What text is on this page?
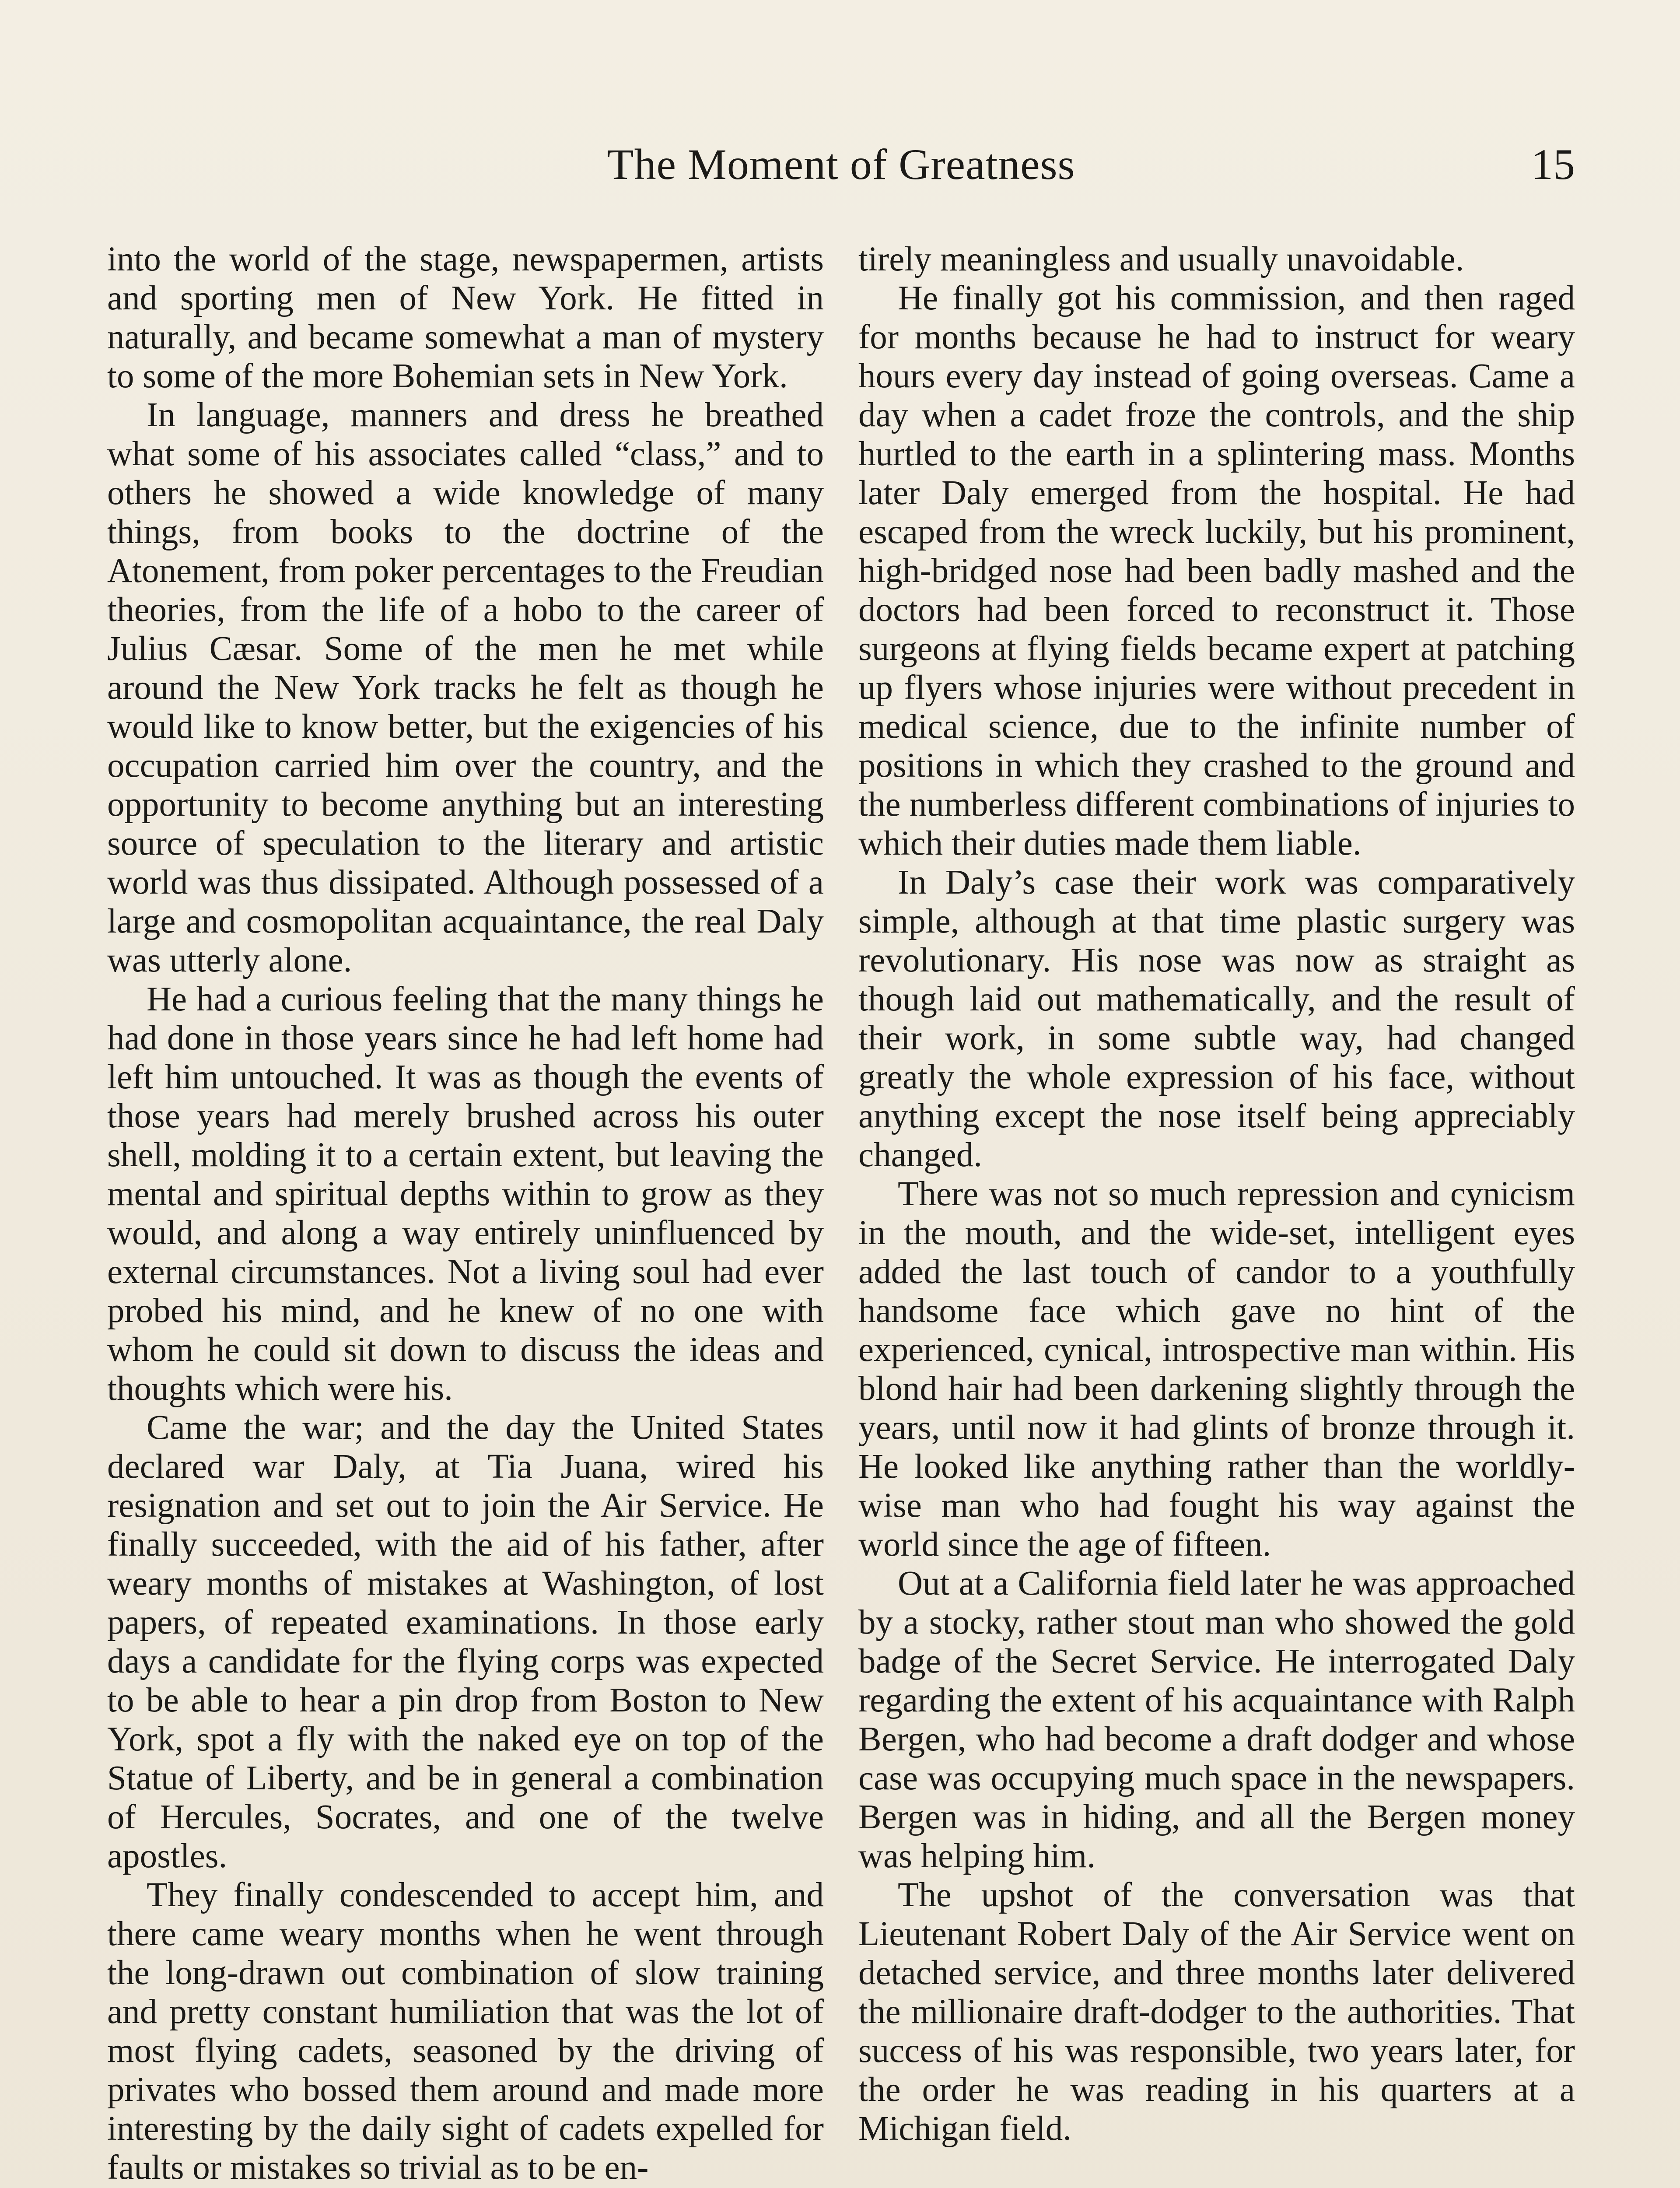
The Moment of Greatness	15

into the world of the stage, newspapermen, artists and sporting men of New York. He fitted in naturally, and became somewhat a man of mystery to some of the more Bohemian sets in New York.

In language, manners and dress he breathed what some of his associates called “class,” and to others he showed a wide knowledge of many things, from books to the doctrine of the Atonement, from poker percentages to the Freudian theories, from the life of a hobo to the career of Julius Cæsar. Some of the men he met while around the New York tracks he felt as though he would like to know better, but the exigencies of his occupation carried him over the country, and the opportunity to become anything but an interesting source of speculation to the literary and artistic world was thus dissipated. Although possessed of a large and cosmopolitan acquaintance, the real Daly was utterly alone.

He had a curious feeling that the many things he had done in those years since he had left home had left him untouched. It was as though the events of those years had merely brushed across his outer shell, molding it to a certain extent, but leaving the mental and spiritual depths within to grow as they would, and along a way entirely uninfluenced by external circumstances. Not a living soul had ever probed his mind, and he knew of no one with whom he could sit down to discuss the ideas and thoughts which were his.

Came the war; and the day the United States declared war Daly, at Tia Juana, wired his resignation and set out to join the Air Service. He finally succeeded, with the aid of his father, after weary months of mistakes at Washington, of lost papers, of repeated examinations. In those early days a candidate for the flying corps was expected to be able to hear a pin drop from Boston to New York, spot a fly with the naked eye on top of the Statue of Liberty, and be in general a combination of Hercules, Socrates, and one of the twelve apostles.

They finally condescended to accept him, and there came weary months when he went through the long-drawn out combination of slow training and pretty constant humiliation that was the lot of most flying cadets, seasoned by the driving of privates who bossed them around and made more interesting by the daily sight of cadets expelled for faults or mistakes so trivial as to be en-

tirely meaningless and usually unavoidable.

He finally got his commission, and then raged for months because he had to instruct for weary hours every day instead of going overseas. Came a day when a cadet froze the controls, and the ship hurtled to the earth in a splintering mass. Months later Daly emerged from the hospital. He had escaped from the wreck luckily, but his prominent, high-bridged nose had been badly mashed and the doctors had been forced to reconstruct it. Those surgeons at flying fields became expert at patching up flyers whose injuries were without precedent in medical science, due to the infinite number of positions in which they crashed to the ground and the numberless different combinations of injuries to which their duties made them liable.

In Daly’s case their work was comparatively simple, although at that time plastic surgery was revolutionary. His nose was now as straight as though laid out mathematically, and the result of their work, in some subtle way, had changed greatly the whole expression of his face, without anything except the nose itself being appreciably changed.

There was not so much repression and cynicism in the mouth, and the wide-set, intelligent eyes added the last touch of candor to a youthfully handsome face which gave no hint of the experienced, cynical, introspective man within. His blond hair had been darkening slightly through the years, until now it had glints of bronze through it. He looked like anything rather than the worldly-wise man who had fought his way against the world since the age of fifteen.

Out at a California field later he was approached by a stocky, rather stout man who showed the gold badge of the Secret Service. He interrogated Daly regarding the extent of his acquaintance with Ralph Bergen, who had become a draft dodger and whose case was occupying much space in the newspapers. Bergen was in hiding, and all the Bergen money was helping him.

The upshot of the conversation was that Lieutenant Robert Daly of the Air Service went on detached service, and three months later delivered the millionaire draft-dodger to the authorities. That success of his was responsible, two years later, for the order he was reading in his quarters at a Michigan field.
